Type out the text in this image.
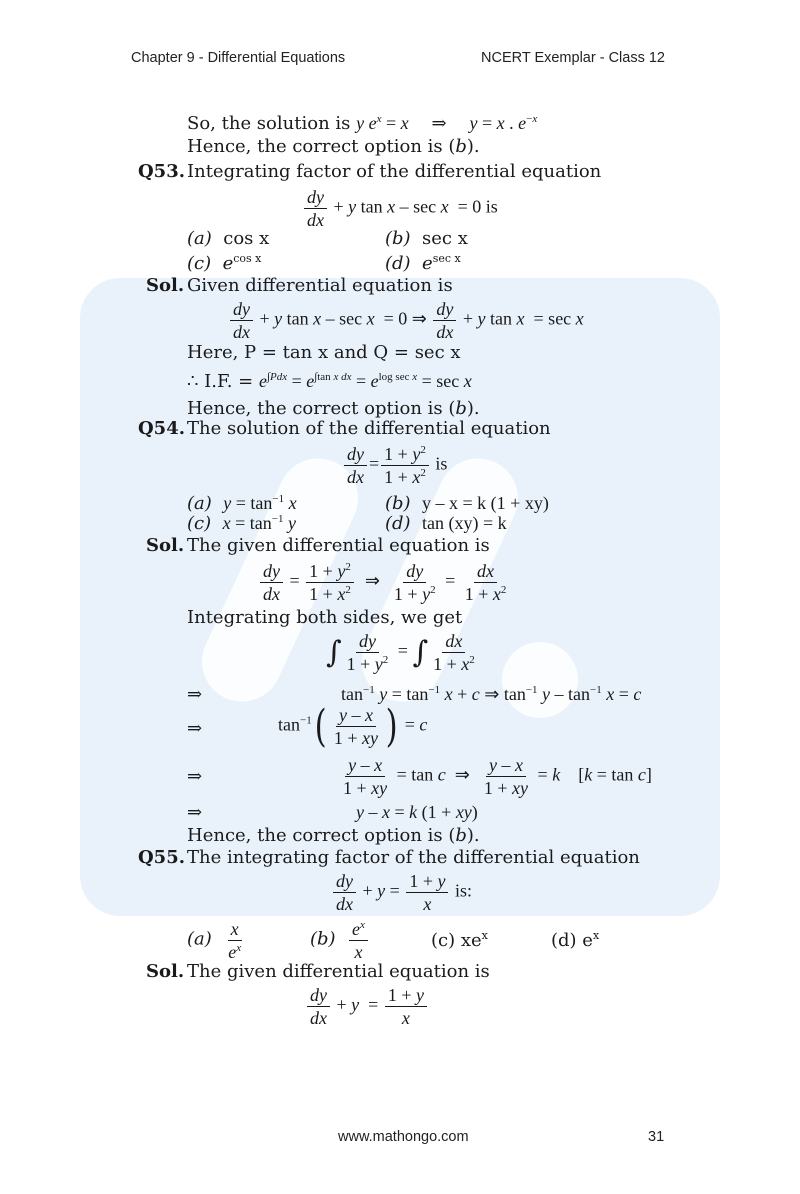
Chapter 9 - Differential Equations	NCERT Exemplar - Class 12
So, the solution is y $e^x = x$ ⇒ y = x . $e^{-x}$
Hence, the correct option is (b).
Q53. Integrating factor of the differential equation
$\frac{dy}{dx} + y$ tan x – sec x  = 0 is
(a) cos x	(b) sec x
(c) $e^{cos x}$	(d) $e^{sec x}$
Sol. Given differential equation is
$\frac{dy}{dx} + y$ tan x – sec x  = 0 ⇒ $\frac{dy}{dx} + y$ tan x  = sec x
Here, P = tan x and Q = sec x
∴ I.F. = $e^{\int Pdx} = e^{\int tan x dx} = e^{log sec x} = \sec x$
Hence, the correct option is (b).
Q54. The solution of the differential equation
$\frac{dy}{dx} = \frac{1 + y^2}{1 + x^2}$ is
(a) $y = \tan^{-1} x$	(b) y – x = k (1 + xy)
(c) $x = \tan^{-1} y$	(d) tan (xy) = k
Sol. The given differential equation is
$\frac{dy}{dx} = \frac{1 + y^2}{1 + x^2}$ ⇒ $\frac{dy}{1 + y^2} = \frac{dx}{1 + x^2}$
Integrating both sides, we get
∫ $\frac{dy}{1 + y^2}$ = ∫ $\frac{dx}{1 + x^2}$
⇒	$\tan^{-1} y = \tan^{-1} x + c$ ⇒ $\tan^{-1} y - \tan^{-1} x = c$
⇒	$\tan^{-1}( \frac{y - x}{1 + xy}$ ) = c
⇒	$\frac{y - x}{1 + xy} = \tan c$  ⇒ $\frac{y - x}{1 + xy} = k$ [k = tan c]
⇒	y – x = k (1 + xy)
Hence, the correct option is (b).
Q55. The integrating factor of the differential equation
$\frac{dy}{dx} + y = \frac{1 + y}{x}$ is:
$(a) \frac{x}{e^x}$	$(b) \frac{e^x}{x}$	(c) $xe^x$	(d) $e^x$
Sol. The given differential equation is
$\frac{dy}{dx} + y = \frac{1 + y}{x}$
www.mathongo.com	31
